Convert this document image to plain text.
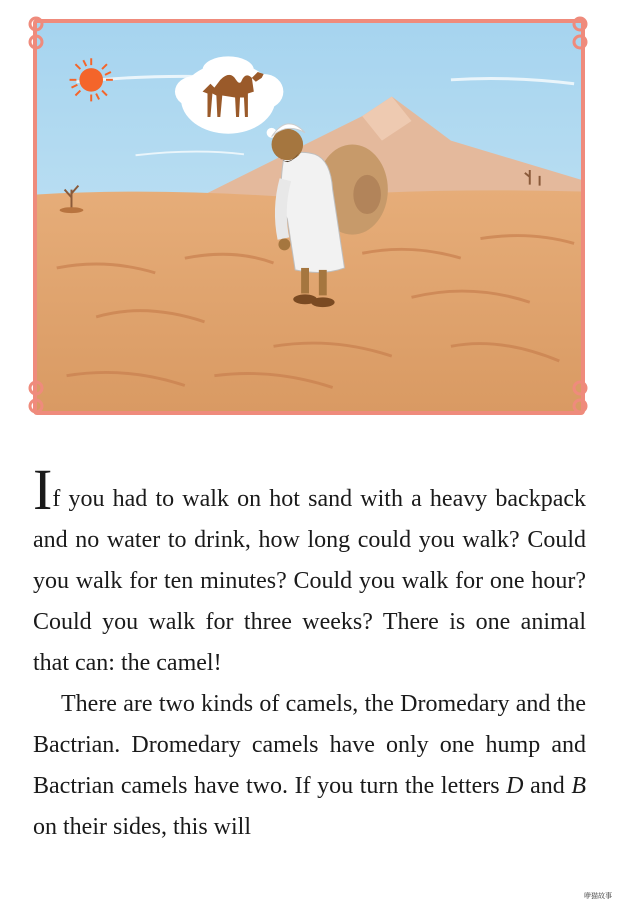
If you had to walk on hot sand with a heavy backpack and no water to drink, how long could you walk? Could you walk for ten minutes? Could you walk for one hour? Could you walk for three weeks? There is one animal that can: the camel!

There are two kinds of camels, the Dromedary and the Bactrian. Dromedary camels have only one hump and Bactrian camels have two. If you turn the letters D and B on their sides, this will

咿猫故事
